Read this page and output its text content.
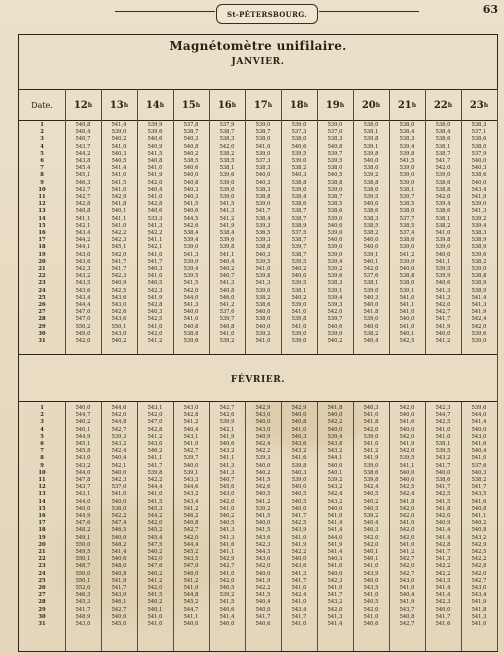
63
St-PÉTERSBOURG.
Magnétomètre unifilaire.
JANVIER.
Date.	12 h 13 h 14 h 15 h 16 h 17 h 18 h 19 h 20 h 21 h 22 h 23 h
1	540,8	541,4	539,9	537,8	537,9	539,0	539,0	539,0	538,0	538,0	538,0	538,3
2	540,4	539,0	539,6	538,7	538,7	538,7	537,3	537,0	538,1	538,4	538,4	537,1
3	540,7	540,2	540,6	540,3	538,3	538,0	538,0	538,3	539,8	538,3	538,6	538,6
4	543,7	541,0	540,9	540,8	542,0	541,0	540,6	540,8	539,1	539,4	538,1	538,0
5	544,2	540,3	541,5	540,2	538,2	539,0	539,5	539,7	539,8	539,8	538,7	537,9
6	543,8	540,5	540,8	538,5	538,5	537,3	539,0	539,5	540,0	541,5	541,7	540,0
7	545,4	541,4	541,0	540,6	538,1	538,3	538,2	538,0	538,0	539,0	542,0	540,3
8	545,1	541,0	541,9	540,0	539,6	540,0	540,3	540,5	539,2	539,0	539,0	538,6
9	546,3	541,5	542,0	540,8	539,0	540,3	538,8	538,8	538,8	539,0	538,6	540,0
10	542,7	541,0	540,4	540,3	539,0	538,3	539,0	539,0	538,0	538,1	538,8	543,4
11	542,7	542,9	541,0	540,3	539,0	538,8	538,4	538,7	539,5	539,7	542,0	541,9
12	542,8	541,8	542,8	541,5	541,5	539,0	538,6	538,5	540,0	538,5	539,4	539,0
13	540,8	540,1	540,6	540,6	541,3	541,7	538,7	538,6	538,6	538,0	538,6	541,3
14	541,1	541,1	533,3	544,5	541,2	538,4	538,7	539,0	538,3	537,7	538,1	539,2
15	542,1	541,0	541,3	542,6	541,9	539,3	538,9	540,0	538,5	538,5	538,2	539,4
16	543,4	542,2	542,2	538,4	538,4	536,5	537,5	539,0	538,2	537,4	541,0	538,3
17	544,2	542,3	541,1	539,4	539,6	539,3	538,7	540,0	540,0	538,6	539,8	538,9
18	544,1	545,1	542,1	539,0	539,8	538,8	539,7	539,0	540,0	539,0	539,0	538,9
19	543,0	542,0	541,0	541,3	541,1	540,3	538,7	539,0	539,1	541,2	540,0	539,6
20	543,6	541,7	541,7	539,0	540,4	539,5	539,5	539,4	540,1	539,0	541,1	538,2
21	542,3	541,7	540,3	539,4	540,2	541,0	540,2	539,2	542,0	540,0	539,5	539,0
22	543,2	542,3	541,0	539,5	540,7	539,8	540,0	539,6	537,6	538,8	539,9	538,8
23	543,5	540,9	540,5	541,5	541,3	541,3	539,5	538,3	538,1	538,0	540,6	538,9
24	543,6	542,5	542,3	542,0	540,8	539,0	538,1	539,1	539,0	539,1	541,3	538,9
25	543,4	543,6	541,9	544,0	546,0	538,2	540,2	539,4	540,3	541,0	541,3	541,4
26	544,4	543,0	542,8	541,3	541,2	538,6	539,0	539,3	540,0	541,1	542,0	541,3
27	547,0	542,6	540,3	540,0	537,6	540,0	541,0	542,0	541,8	541,0	542,7	541,9
28	547,0	543,6	542,5	541,0	539,7	538,0	539,8	539,7	539,0	540,0	541,7	542,4
29	550,2	550,1	541,0	540,8	540,8	540,0	541,0	540,6	540,0	541,0	541,9	542,0
30	549,0	543,0	542,0	538,8	541,0	539,2	539,0	539,0	538,2	540,1	540,0	539,6
31	542,0	540,2	541,2	539,6	539,2	541,0	539,0	540,2	540,4	542,5	541,2	539,0
FÉVRIER.
1	540,0	544,6	543,1	543,0	542,7	542,9	542,9	541,8	540,3	542,0	542,3	539,6
2	544,7	542,0	542,0	542,8	542,6	543,0	540,0	540,0	541,0	540,0	544,7	544,0
3	540,2	544,8	547,0	541,2	539,9	540,0	540,8	542,2	541,8	541,6	542,5	541,4
4	540,1	542,7	542,8	540,4	542,1	543,0	541,0	540,0	542,0	540,0	541,0	540,0
5	544,9	539,3	541,2	543,1	541,9	540,9	540,3	539,4	539,0	542,0	541,0	543,0
6	545,1	543,2	543,0	541,0	540,6	542,4	543,6	543,8	541,0	541,9	538,1	541,6
7	545,8	542,4	546,2	542,7	543,2	542,2	543,2	543,2	541,2	542,0	539,5	540,4
8	543,0	540,4	541,1	539,7	541,1	539,3	541,6	544,1	541,9	539,5	543,2	541,0
9	543,2	542,1	541,7	540,0	541,3	540,0	539,8	540,0	539,0	541,1	541,7	537,6
10	544,0	540,0	539,8	539,1	541,3	540,2	540,3	540,1	538,6	540,0	540,0	540,3
11	547,8	542,3	542,2	543,3	540,7	541,5	539,0	539,2	539,8	540,0	538,6	538,2
12	543,7	537,0	544,4	544,6	545,6	542,6	540,0	543,2	542,4	542,5	541,7	541,7
13	543,1	541,0	541,0	543,2	543,0	540,5	540,5	542,4	540,5	542,4	542,5	543,5
14	544,0	540,0	541,5	543,4	542,0	541,2	540,5	543,2	540,2	541,8	541,5	541,6
15	540,0	538,0	545,3	541,2	541,0	539,2	540,0	540,0	540,5	542,0	541,8	540,8
16	544,9	542,2	544,2	546,2	540,2	541,5	541,7	541,0	539,2	542,0	542,0	541,1
17	547,6	547,4	542,0	540,8	540,5	540,0	542,5	541,4	540,4	541,0	540,9	540,2
18	548,2	546,5	545,2	542,7	541,3	541,5	543,9	541,4	540,3	542,0	541,4	540,8
19	549,1	540,0	545,4	542,0	541,3	543,6	541,0	544,0	542,0	542,0	541,4	543,2
20	550,0	548,2	547,5	544,4	541,6	542,3	541,9	541,9	542,0	541,0	542,8	542,9
21	549,5	541,4	540,2	545,2	541,1	544,5	542,2	541,4	540,1	541,2	541,7	542,5
22	550,1	540,6	542,0	543,5	542,9	543,0	540,0	540,3	540,1	542,7	541,3	542,2
23	548,7	548,0	547,6	547,0	542,7	542,0	543,6	541,0	541,0	542,0	542,2	542,8
24	550,0	540,8	540,2	546,0	541,0	540,0	541,3	540,0	543,9	542,7	542,2	542,0
25	550,1	541,9	541,2	541,2	542,0	541,9	541,7	542,3	540,0	543,0	543,5	542,7
26	552,0	541,7	542,0	541,0	540,5	542,2	541,0	541,0	543,5	541,0	541,4	543,0
27	546,3	543,0	541,5	544,8	539,2	541,5	542,4	541,7	541,0	540,4	541,4	543,4
28	545,3	546,1	540,2	545,2	541,5	540,4	541,0	543,2	540,5	541,9	542,3	541,9
29	541,7	542,7	540,1	544,7	540,6	540,0	543,4	542,0	542,0	543,7	540,0	541,8
30	548,9	540,0	541,0	541,1	541,4	541,7	541,7	541,3	541,0	540,8	541,7	541,3
31	543,0	545,0	541,0	540,0	540,0	540,6	541,0	541,4	540,6	542,7	541,6	541,0
